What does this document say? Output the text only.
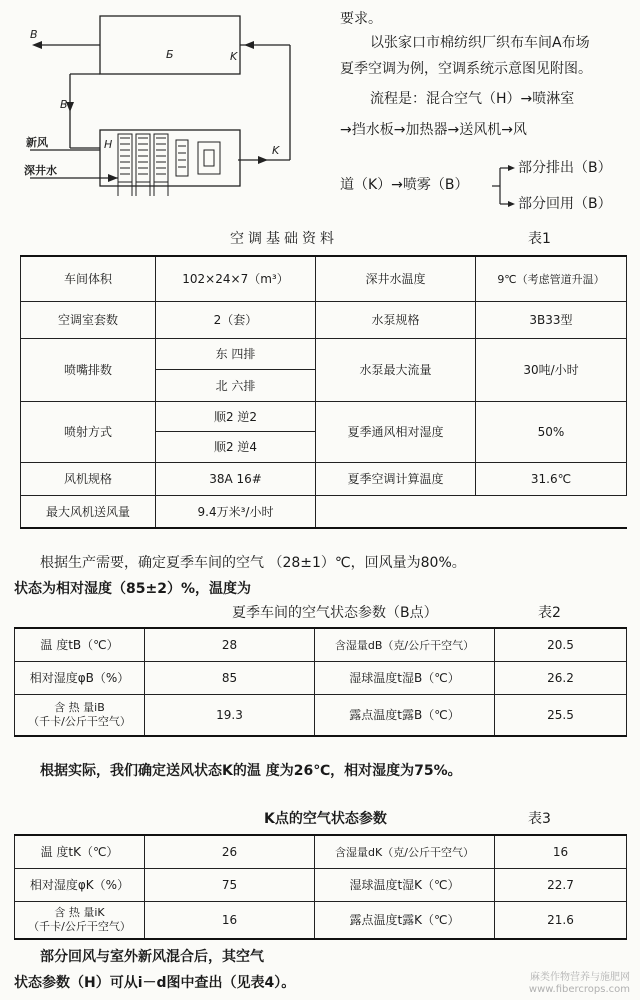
B
Б	K
B
H	K
新风
深井水
要求。
以张家口市棉纺织厂织布车间A布场
夏季空调为例，空调系统示意图见附图。
流程是：混合空气（H）→喷淋室
→挡水板→加热器→送风机→风
道（K）→喷雾（B）
部分排出（B）
部分回用（B）
空调基础资料	表1
车间体积	102×24×7（m³）	深井水温度	9℃（考虑管道升温）
空调室套数	2（套）	水泵规格	3B33型
喷嘴排数	东 四排
北 六排	水泵最大流量	30吨/小时
喷射方式	顺2 逆2
顺2 逆4	夏季通风相对湿度	50%
风机规格	38A 16#	夏季空调计算温度	31.6℃
最大风机送风量	9.4万米³/小时		
根据生产需要，确定夏季车间的空气 （28±1）℃，回风量为80%。
状态为相对湿度（85±2）%，温度为
夏季车间的空气状态参数（B点）	表2
温 度tB（℃）	28	含湿量dB（克/公斤干空气）	20.5
相对湿度φB（%）	85	湿球温度t湿B（℃）	26.2

含 热 量iB
（千卡/公斤干空气）	19.3	露点温度t露B（℃）	25.5
根据实际，我们确定送风状态K的温 度为26℃，相对湿度为75%。
K点的空气状态参数	表3
温 度tK（℃）	26	含湿量dK（克/公斤干空气）	16
相对湿度φK（%）	75	湿球温度t湿K（℃）	22.7

含 热 量iK
（千卡/公斤干空气）	16	露点温度t露K（℃）	21.6
部分回风与室外新风混合后，其空气
状态参数（H）可从i－d图中查出（见表4）。	麻类作物营养与施肥网
www.fibercrops.com
